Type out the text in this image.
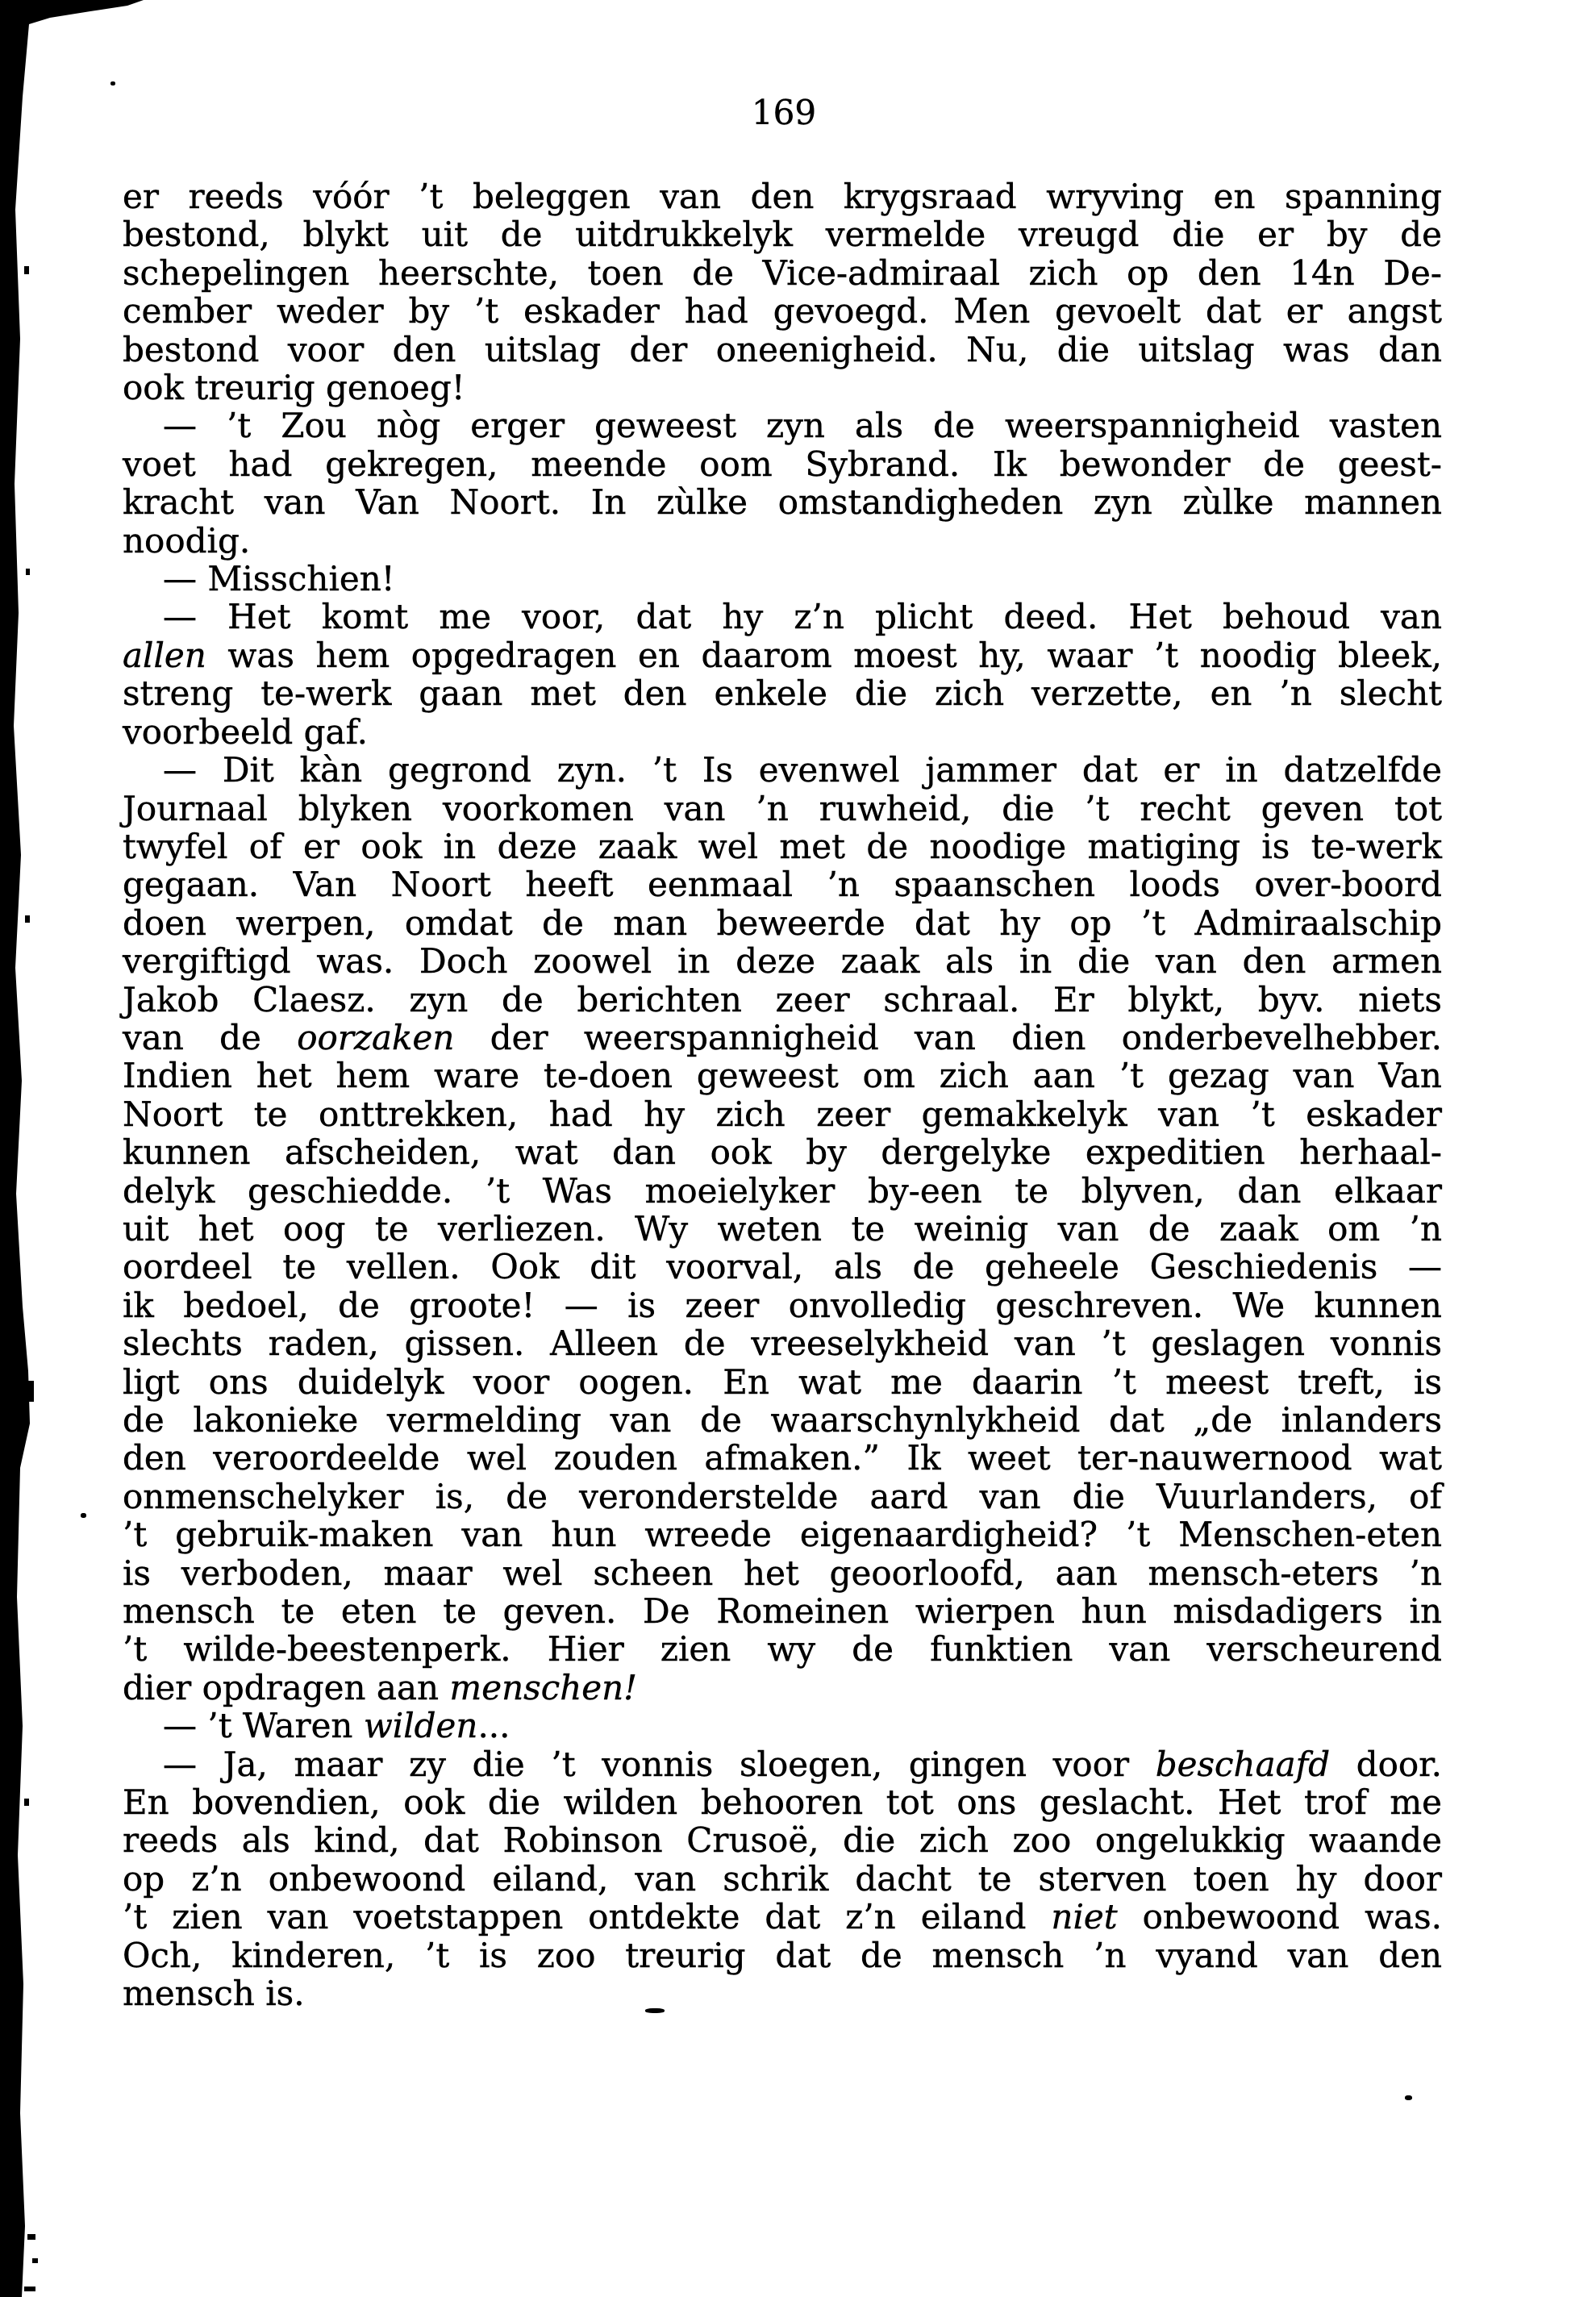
169
er reeds vóór ’t beleggen van den krygsraad wryving en spanning
bestond, blykt uit de uitdrukkelyk vermelde vreugd die er by de
schepelingen heerschte, toen de Vice-admiraal zich op den 14n De-
cember weder by ’t eskader had gevoegd. Men gevoelt dat er angst
bestond voor den uitslag der oneenigheid. Nu, die uitslag was dan
ook treurig genoeg!
— ’t Zou nòg erger geweest zyn als de weerspannigheid vasten
voet had gekregen, meende oom Sybrand. Ik bewonder de geest-
kracht van Van Noort. In zùlke omstandigheden zyn zùlke mannen
noodig.
— Misschien!
— Het komt me voor, dat hy z’n plicht deed. Het behoud van
allen was hem opgedragen en daarom moest hy, waar ’t noodig bleek,
streng te-werk gaan met den enkele die zich verzette, en ’n slecht
voorbeeld gaf.
— Dit kàn gegrond zyn. ’t Is evenwel jammer dat er in datzelfde
Journaal blyken voorkomen van ’n ruwheid, die ’t recht geven tot
twyfel of er ook in deze zaak wel met de noodige matiging is te-werk
gegaan. Van Noort heeft eenmaal ’n spaanschen loods over-boord
doen werpen, omdat de man beweerde dat hy op ’t Admiraalschip
vergiftigd was. Doch zoowel in deze zaak als in die van den armen
Jakob Claesz. zyn de berichten zeer schraal. Er blykt, byv. niets
van de oorzaken der weerspannigheid van dien onderbevelhebber.
Indien het hem ware te-doen geweest om zich aan ’t gezag van Van
Noort te onttrekken, had hy zich zeer gemakkelyk van ’t eskader
kunnen afscheiden, wat dan ook by dergelyke expeditien herhaal-
delyk geschiedde. ’t Was moeielyker by-een te blyven, dan elkaar
uit het oog te verliezen. Wy weten te weinig van de zaak om ’n
oordeel te vellen. Ook dit voorval, als de geheele Geschiedenis —
ik bedoel, de groote! — is zeer onvolledig geschreven. We kunnen
slechts raden, gissen. Alleen de vreeselykheid van ’t geslagen vonnis
ligt ons duidelyk voor oogen. En wat me daarin ’t meest treft, is
de lakonieke vermelding van de waarschynlykheid dat „de inlanders
den veroordeelde wel zouden afmaken.” Ik weet ter-nauwernood wat
onmenschelyker is, de veronderstelde aard van die Vuurlanders, of
’t gebruik-maken van hun wreede eigenaardigheid? ’t Menschen-eten
is verboden, maar wel scheen het geoorloofd, aan mensch-eters ’n
mensch te eten te geven. De Romeinen wierpen hun misdadigers in
’t wilde-beestenperk. Hier zien wy de funktien van verscheurend
dier opdragen aan menschen!
— ’t Waren wilden...
— Ja, maar zy die ’t vonnis sloegen, gingen voor beschaafd door.
En bovendien, ook die wilden behooren tot ons geslacht. Het trof me
reeds als kind, dat Robinson Crusoë, die zich zoo ongelukkig waande
op z’n onbewoond eiland, van schrik dacht te sterven toen hy door
’t zien van voetstappen ontdekte dat z’n eiland niet onbewoond was.
Och, kinderen, ’t is zoo treurig dat de mensch ’n vyand van den
mensch is.
